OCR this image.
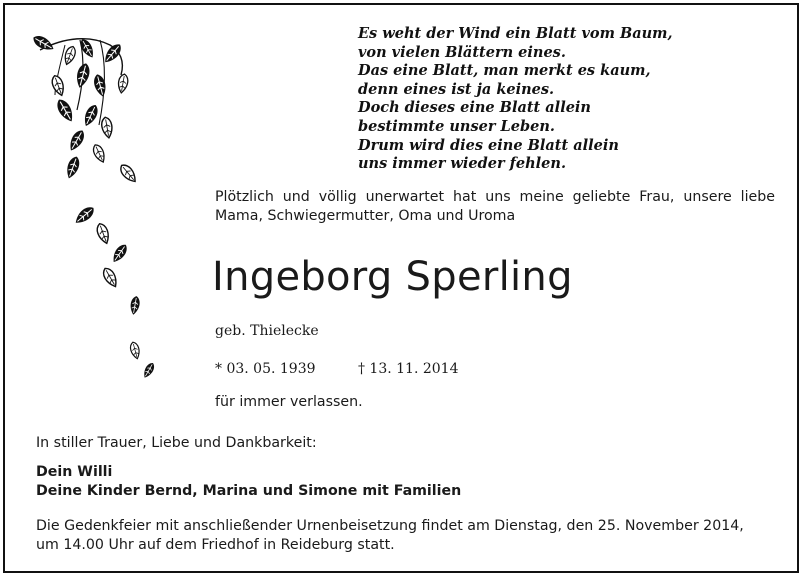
Es weht der Wind ein Blatt vom Baum,
von vielen Blättern eines.
Das eine Blatt, man merkt es kaum,
denn eines ist ja keines.
Doch dieses eine Blatt allein
bestimmte unser Leben.
Drum wird dies eine Blatt allein
uns immer wieder fehlen.
Plötzlich und völlig unerwartet hat uns meine geliebte Frau, unsere liebe Mama, Schwiegermutter, Oma und Uroma
Ingeborg Sperling
geb. Thielecke
* 03. 05. 1939	† 13. 11. 2014
für immer verlassen.
In stiller Trauer, Liebe und Dankbarkeit:
Dein Willi
Deine Kinder Bernd, Marina und Simone mit Familien
Die Gedenkfeier mit anschließender Urnenbeisetzung findet am Dienstag, den 25. November 2014,
um 14.00 Uhr auf dem Friedhof in Reideburg statt.
